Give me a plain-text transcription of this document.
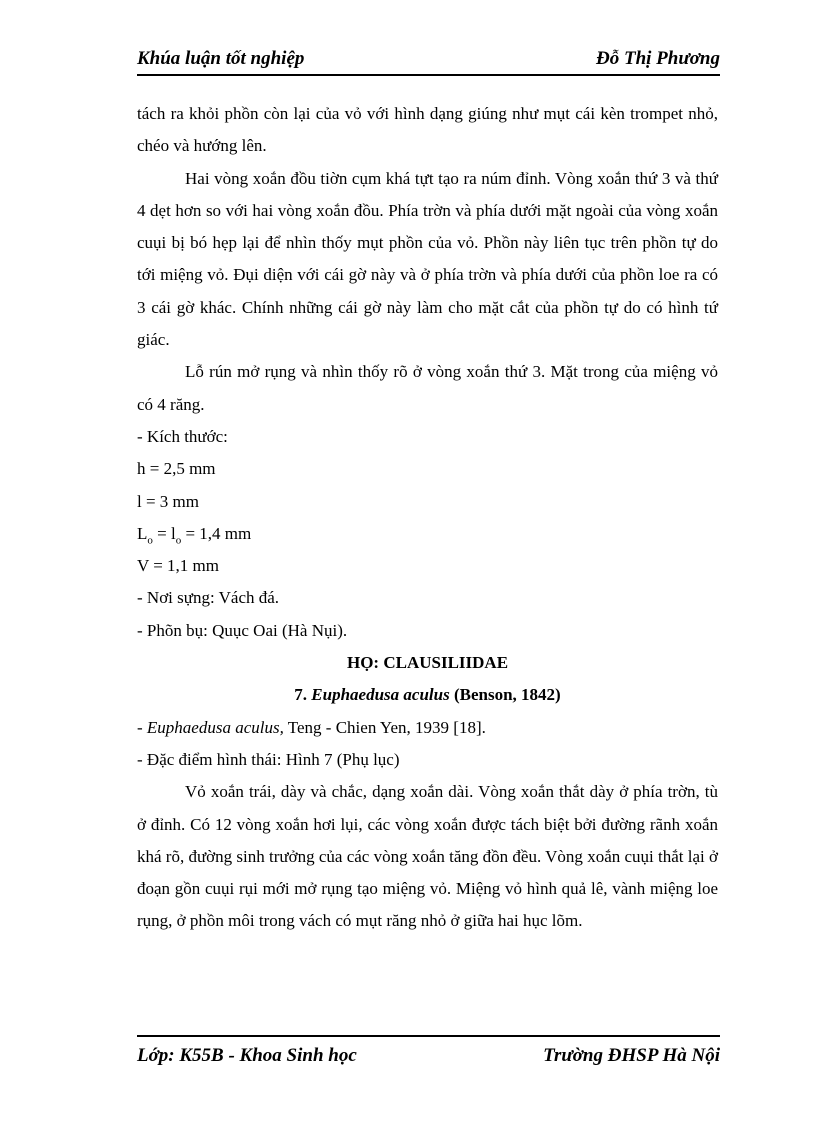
Khúa luận tốt nghiệp	Đỗ Thị Phương

tách ra khỏi phồn còn lại của vỏ với hình dạng giúng như mụt cái kèn trompet nhỏ, chéo và hướng lên.

Hai vòng xoắn đồu tiờn cụm khá tựt tạo ra núm đỉnh. Vòng xoắn thứ 3 và thứ 4 dẹt hơn so với hai vòng xoắn đồu. Phía trờn và phía dưới mặt ngoài của vòng xoắn cuụi bị bó hẹp lại để nhìn thốy mụt phồn của vỏ. Phồn này liên tục trên phồn tự do tới miệng vỏ. Đụi diện với cái gờ này và ở phía trờn và phía dưới của phồn loe ra có 3 cái gờ khác. Chính những cái gờ này làm cho mặt cắt của phồn tự do có hình tứ giác.

Lỗ rún mở rụng và nhìn thốy rõ ở vòng xoắn thứ 3. Mặt trong của miệng vỏ có 4 răng.

- Kích thước:

h = 2,5 mm

l = 3 mm

$L_o = l_o = 1,4$ mm

V = 1,1 mm

- Nơi sựng: Vách đá.

- Phõn bụ: Quục Oai (Hà Nụi).

HỌ: CLAUSILIIDAE

7. Euphaedusa aculus (Benson, 1842)

- Euphaedusa aculus, Teng - Chien Yen, 1939 [18].

- Đặc điểm hình thái: Hình 7 (Phụ lục)

Vỏ xoắn trái, dày và chắc, dạng xoắn dài. Vòng xoắn thắt dày ở phía trờn, tù ở đỉnh. Có 12 vòng xoắn hơi lụi, các vòng xoắn được tách biệt bởi đường rãnh xoắn khá rõ, đường sinh trưởng của các vòng xoắn tăng đồn đều. Vòng xoắn cuụi thắt lại ở đoạn gồn cuụi rụi mới mở rụng tạo miệng vỏ. Miệng vỏ hình quả lê, vành miệng loe rụng, ở phồn môi trong vách có mụt răng nhỏ ở giữa hai hục lõm.

Lớp: K55B - Khoa Sinh học	Trường ĐHSP Hà Nội
